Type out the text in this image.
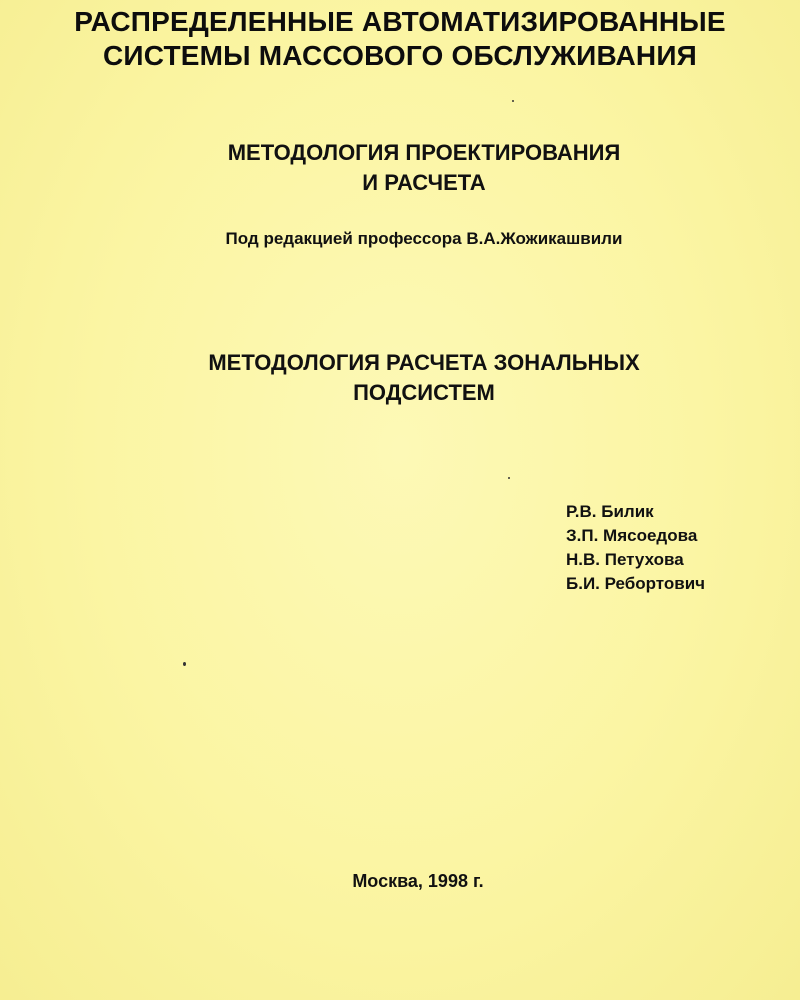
РАСПРЕДЕЛЕННЫЕ АВТОМАТИЗИРОВАННЫЕ
СИСТЕМЫ МАССОВОГО ОБСЛУЖИВАНИЯ
МЕТОДОЛОГИЯ ПРОЕКТИРОВАНИЯ
И РАСЧЕТА
Под редакцией профессора В.А.Жожикашвили
МЕТОДОЛОГИЯ РАСЧЕТА ЗОНАЛЬНЫХ
ПОДСИСТЕМ
Р.В. Билик
З.П. Мясоедова
Н.В. Петухова
Б.И. Ребортович
Москва, 1998 г.
